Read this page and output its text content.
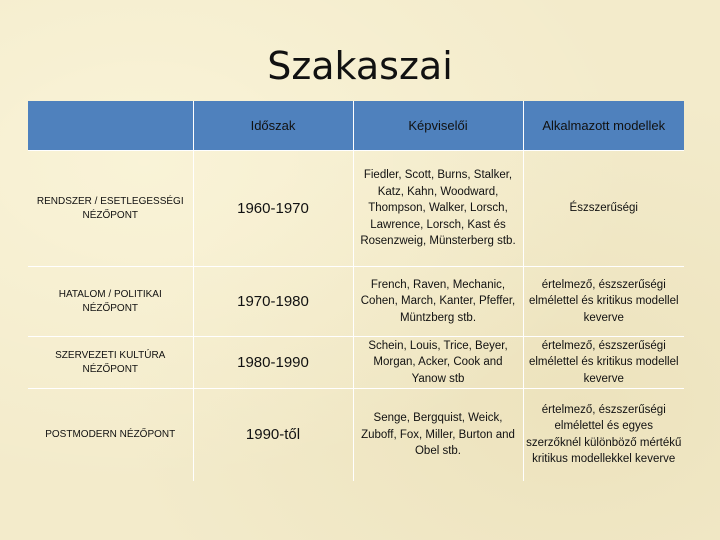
Szakaszai
	Időszak	Képviselői	Alkalmazott modellek
RENDSZER / ESETLEGESSÉGI NÉZŐPONT	1960-1970	Fiedler, Scott, Burns, Stalker, Katz, Kahn, Woodward, Thompson, Walker, Lorsch, Lawrence, Lorsch, Kast és Rosenzweig, Münsterberg stb.	Észszerűségi
HATALOM / POLITIKAI NÉZŐPONT	1970-1980	French, Raven, Mechanic, Cohen, March, Kanter, Pfeffer, Müntzberg stb.	értelmező, észszerűségi elmélettel és kritikus modellel keverve
SZERVEZETI KULTÚRA NÉZŐPONT	1980-1990	Schein, Louis, Trice, Beyer, Morgan, Acker, Cook and Yanow stb	értelmező, észszerűségi elmélettel és kritikus modellel keverve
POSTMODERN NÉZŐPONT	1990-től	Senge, Bergquist, Weick, Zuboff, Fox, Miller, Burton and Obel stb.	értelmező, észszerűségi elmélettel és egyes szerzőknél különböző mértékű kritikus modellekkel keverve
